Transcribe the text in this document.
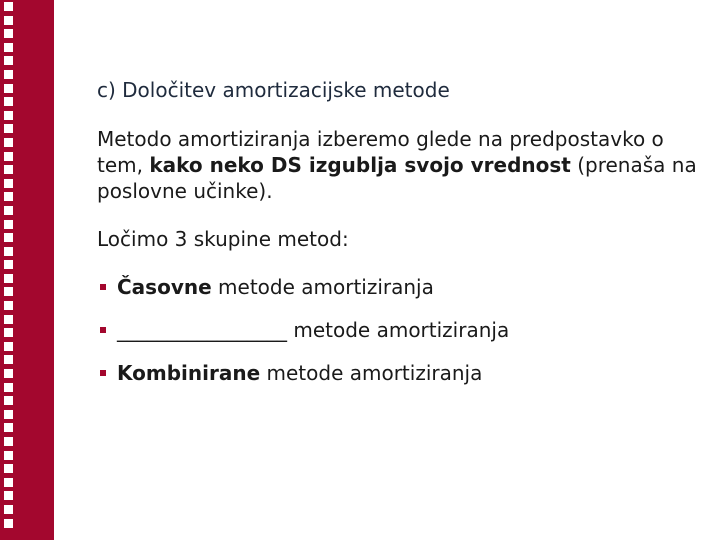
c) Določitev amortizacijske metode

Metodo amortiziranja izberemo glede na predpostavko o tem, kako neko DS izgublja svojo vrednost (prenaša na poslovne učinke).

Ločimo 3 skupine metod:

Časovne metode amortiziranja
_________________ metode amortiziranja
Kombinirane metode amortiziranja
